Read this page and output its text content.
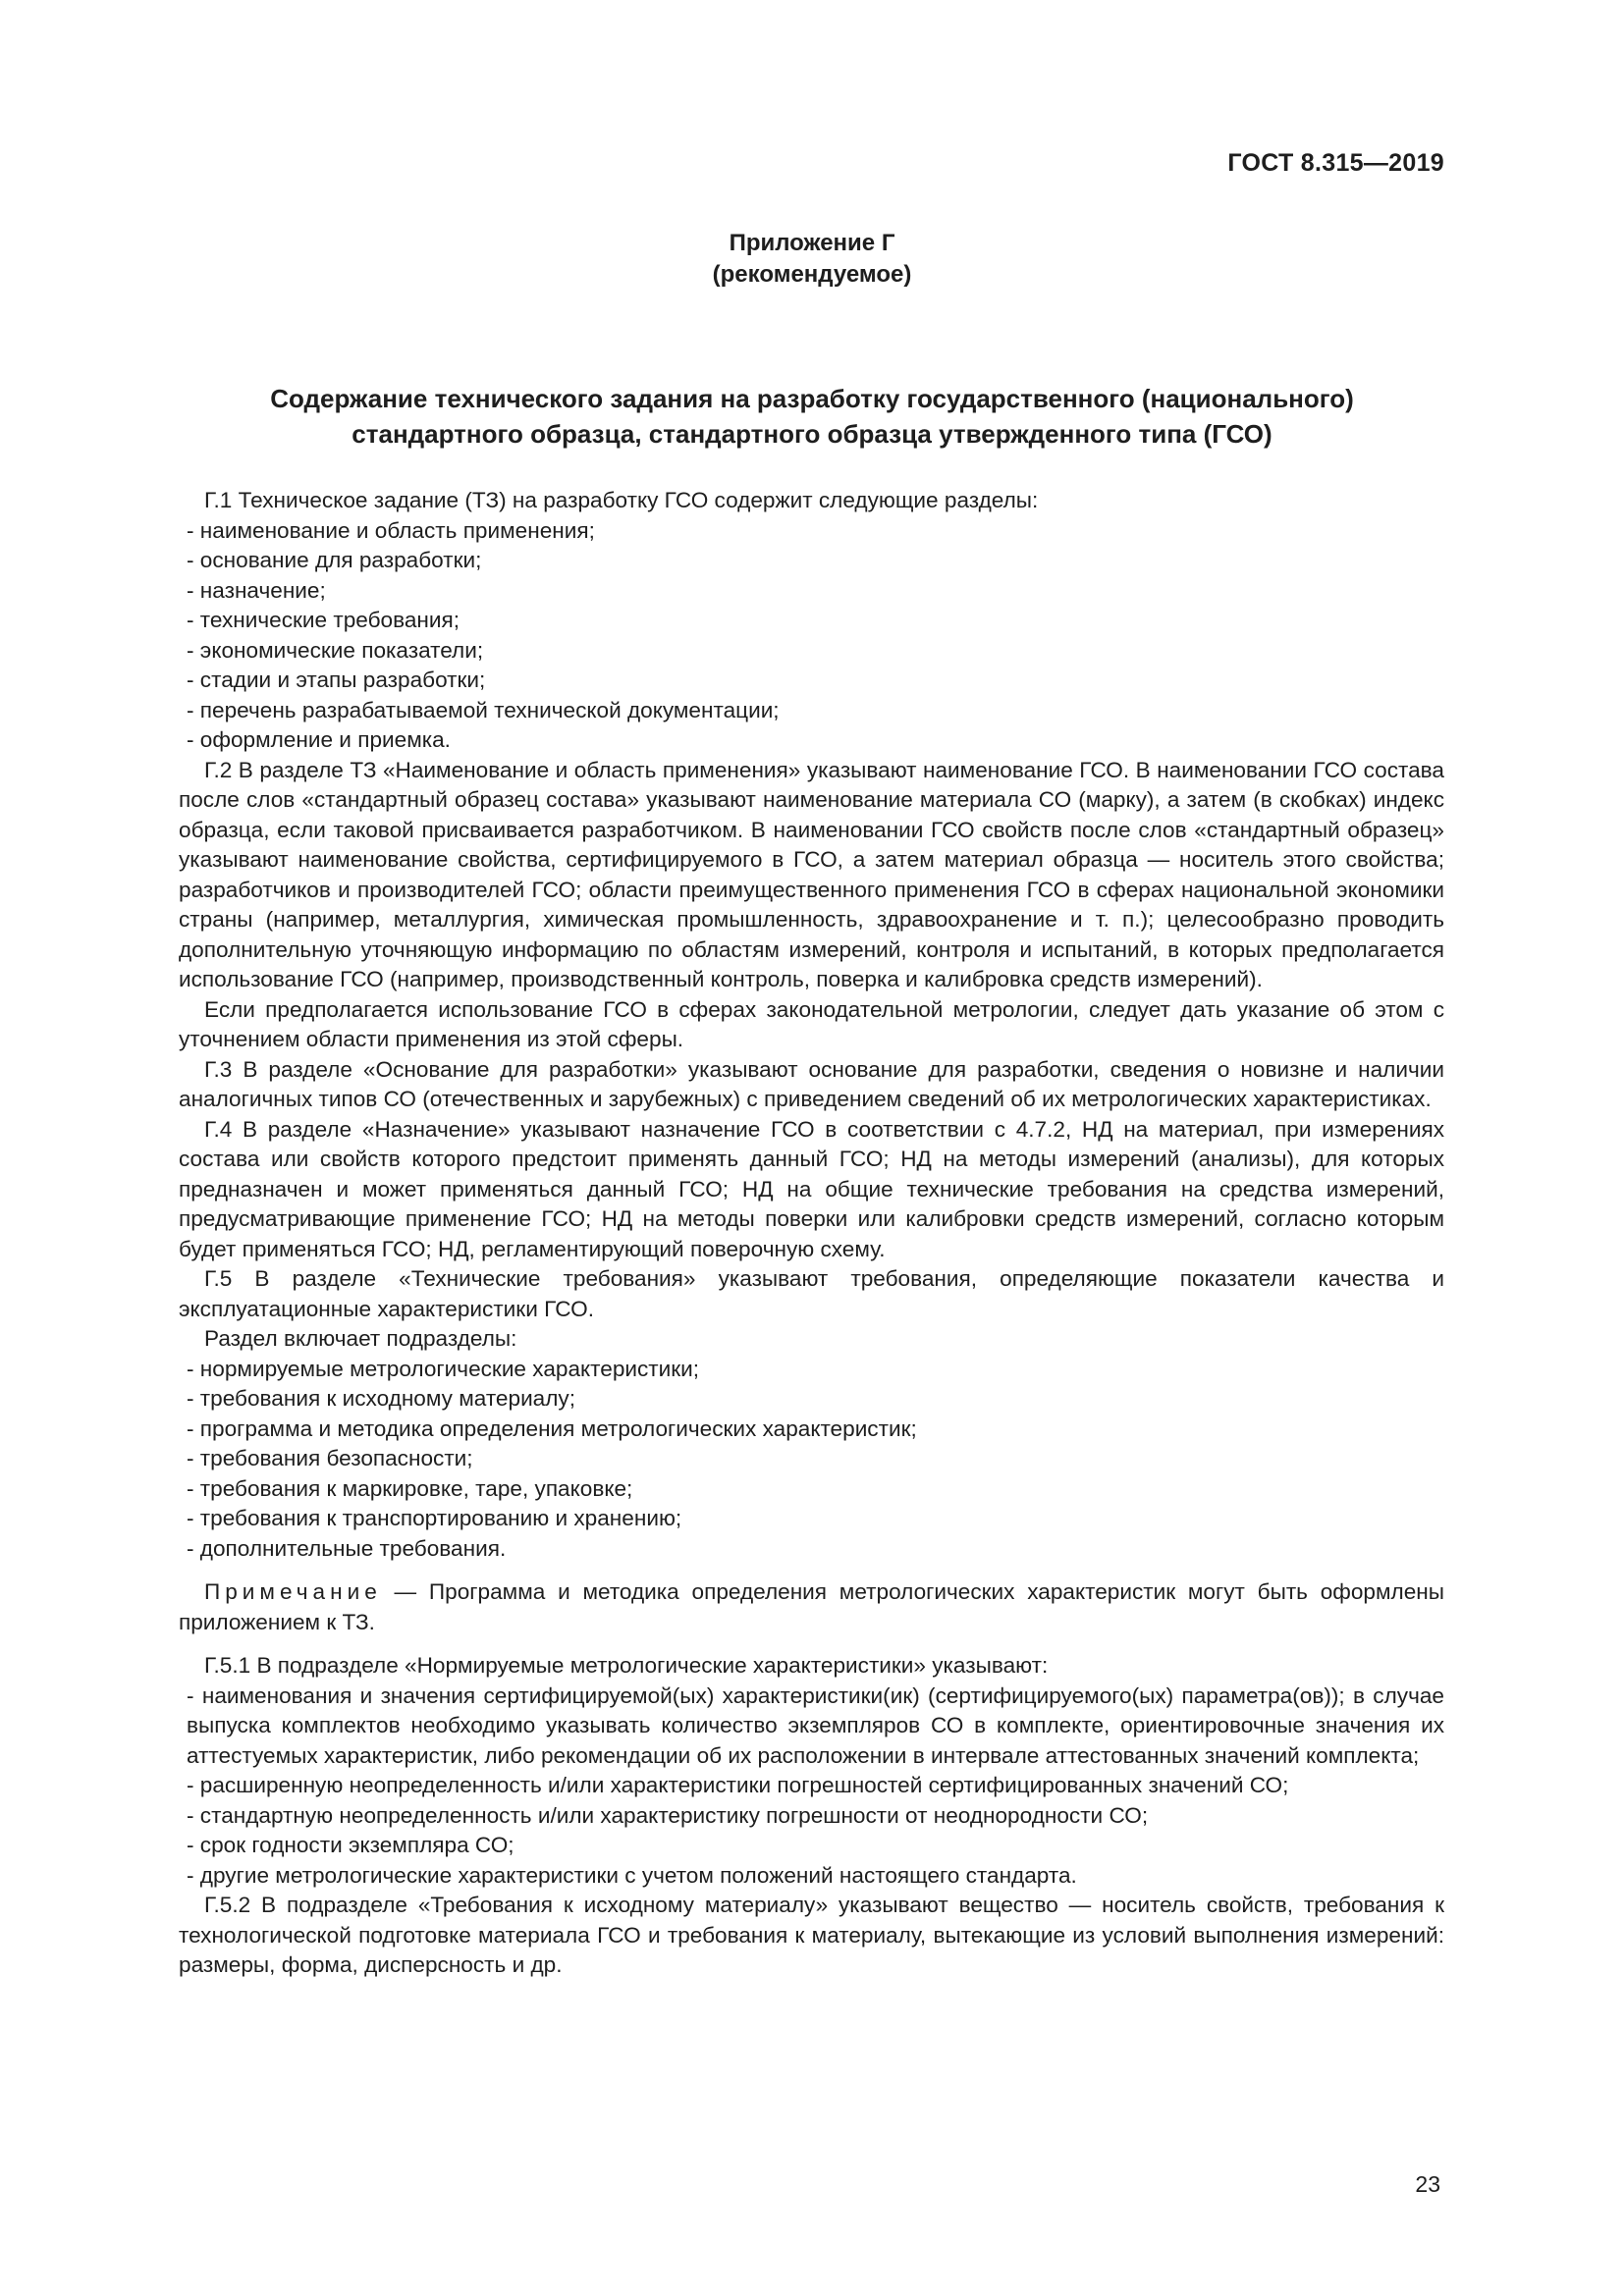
ГОСТ 8.315—2019
Приложение Г
(рекомендуемое)
Содержание технического задания на разработку государственного (национального)
стандартного образца, стандартного образца утвержденного типа (ГСО)

Г.1 Техническое задание (ТЗ) на разработку ГСО содержит следующие разделы:

- наименование и область применения;

- основание для разработки;

- назначение;

- технические требования;

- экономические показатели;

- стадии и этапы разработки;

- перечень разрабатываемой технической документации;

- оформление и приемка.

Г.2 В разделе ТЗ «Наименование и область применения» указывают наименование ГСО. В наименовании ГСО состава после слов «стандартный образец состава» указывают наименование материала СО (марку), а затем (в скобках) индекс образца, если таковой присваивается разработчиком. В наименовании ГСО свойств после слов «стандартный образец» указывают наименование свойства, сертифицируемого в ГСО, а затем материал образца — носитель этого свойства; разработчиков и производителей ГСО; области преимущественного применения ГСО в сферах национальной экономики страны (например, металлургия, химическая промышленность, здравоохранение и т. п.); целесообразно проводить дополнительную уточняющую информацию по областям измерений, контроля и испытаний, в которых предполагается использование ГСО (например, производственный контроль, поверка и калибровка средств измерений).

Если предполагается использование ГСО в сферах законодательной метрологии, следует дать указание об этом с уточнением области применения из этой сферы.

Г.3 В разделе «Основание для разработки» указывают основание для разработки, сведения о новизне и наличии аналогичных типов СО (отечественных и зарубежных) с приведением сведений об их метрологических характеристиках.

Г.4 В разделе «Назначение» указывают назначение ГСО в соответствии с 4.7.2, НД на материал, при измерениях состава или свойств которого предстоит применять данный ГСО; НД на методы измерений (анализы), для которых предназначен и может применяться данный ГСО; НД на общие технические требования на средства измерений, предусматривающие применение ГСО; НД на методы поверки или калибровки средств измерений, согласно которым будет применяться ГСО; НД, регламентирующий поверочную схему.

Г.5 В разделе «Технические требования» указывают требования, определяющие показатели качества и эксплуатационные характеристики ГСО.

Раздел включает подразделы:

- нормируемые метрологические характеристики;

- требования к исходному материалу;

- программа и методика определения метрологических характеристик;

- требования безопасности;

- требования к маркировке, таре, упаковке;

- требования к транспортированию и хранению;

- дополнительные требования.

Примечание — Программа и методика определения метрологических характеристик могут быть оформлены приложением к ТЗ.

Г.5.1 В подразделе «Нормируемые метрологические характеристики» указывают:

- наименования и значения сертифицируемой(ых) характеристики(ик) (сертифицируемого(ых) параметра(ов)); в случае выпуска комплектов необходимо указывать количество экземпляров СО в комплекте, ориентировочные значения их аттестуемых характеристик, либо рекомендации об их расположении в интервале аттестованных значений комплекта;

- расширенную неопределенность и/или характеристики погрешностей сертифицированных значений СО;

- стандартную неопределенность и/или характеристику погрешности от неоднородности СО;

- срок годности экземпляра СО;

- другие метрологические характеристики с учетом положений настоящего стандарта.

Г.5.2 В подразделе «Требования к исходному материалу» указывают вещество — носитель свойств, требования к технологической подготовке материала ГСО и требования к материалу, вытекающие из условий выполнения измерений: размеры, форма, дисперсность и др.

23
